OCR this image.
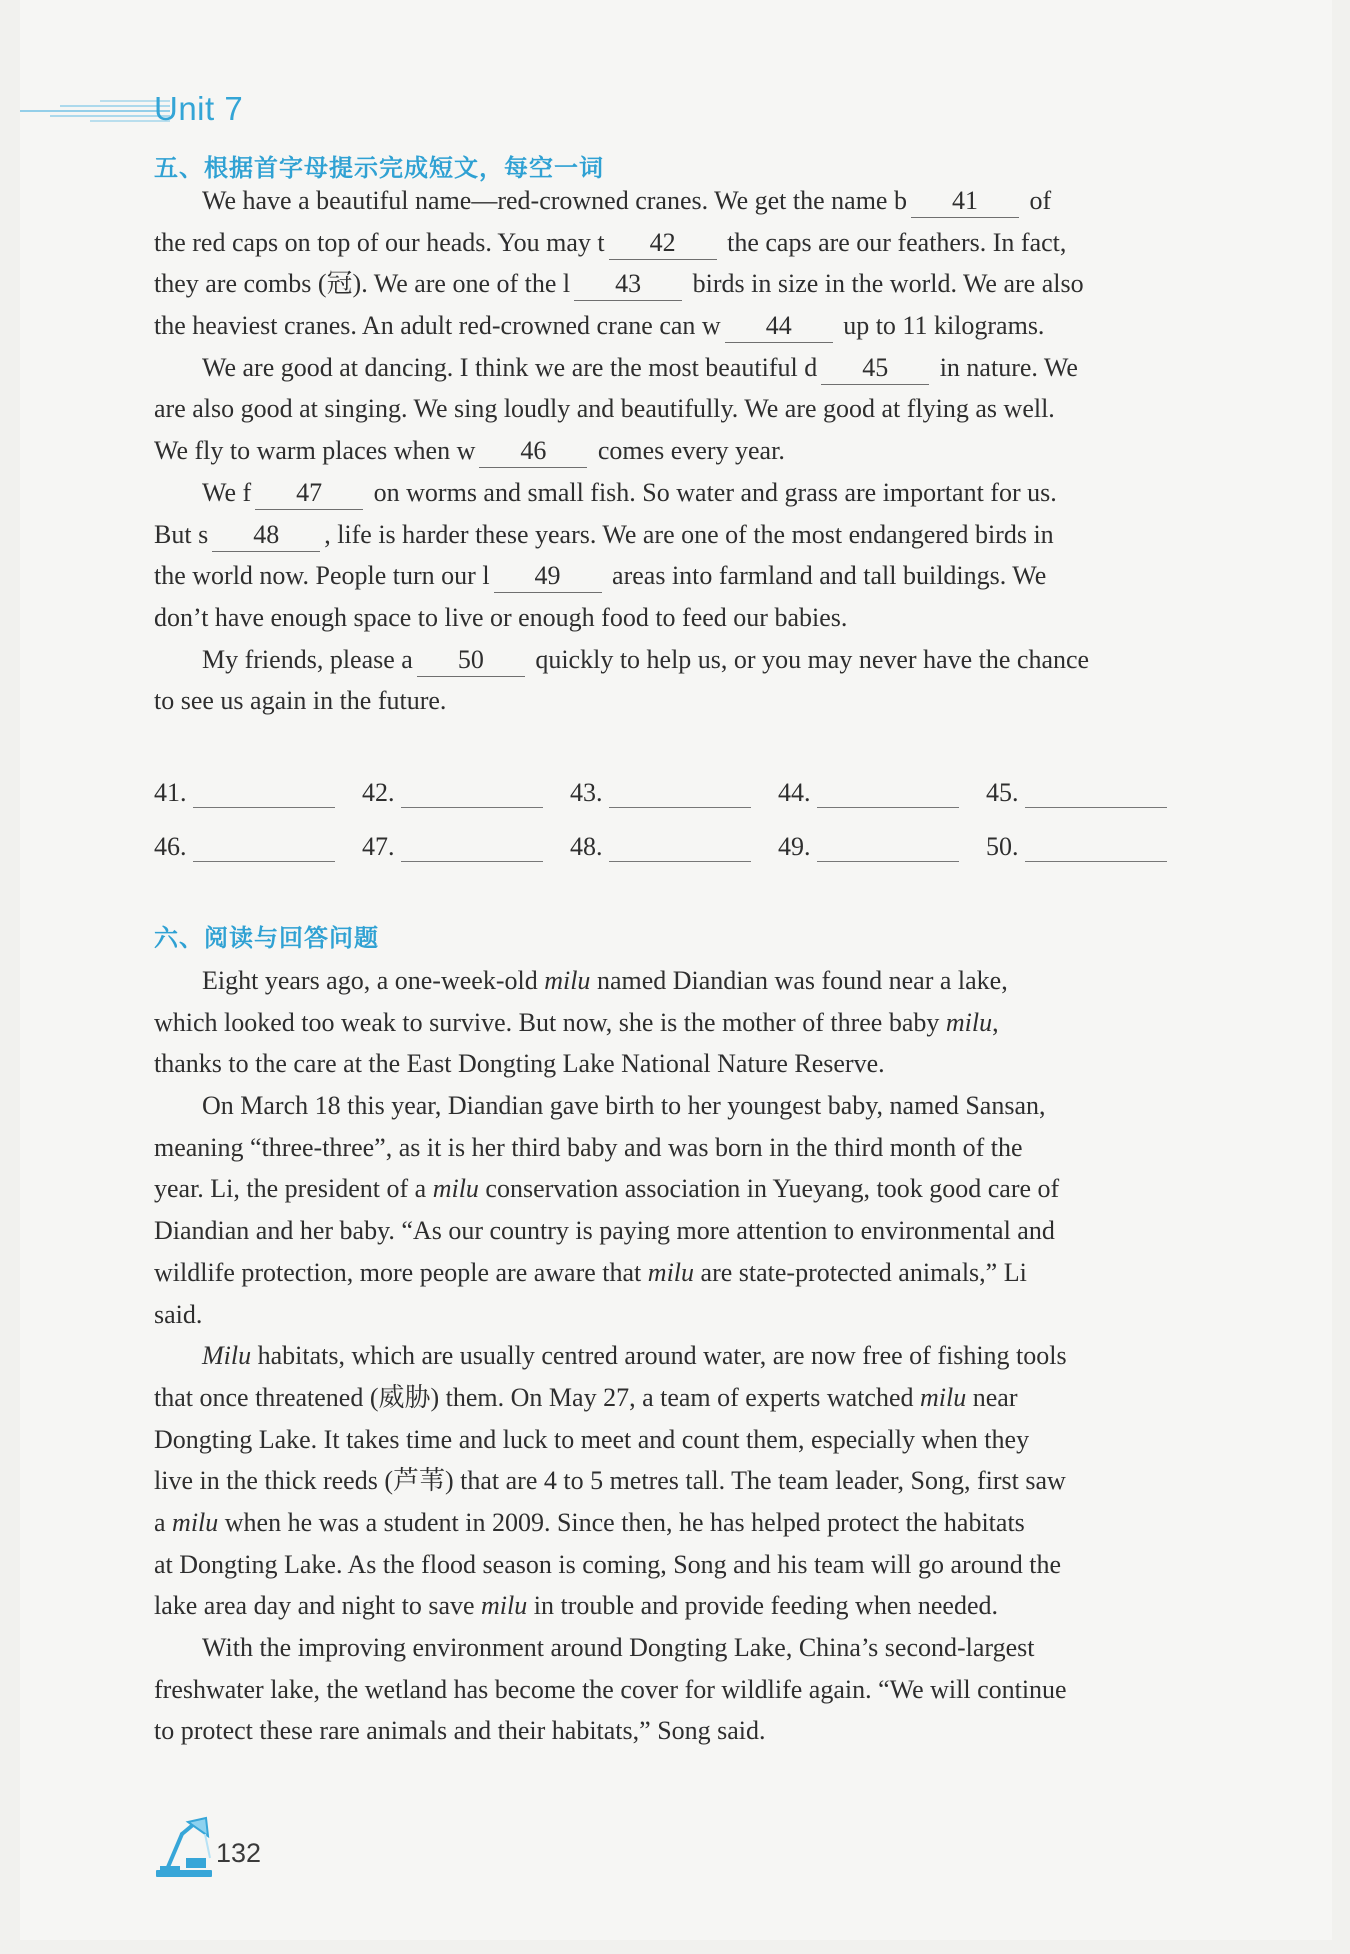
Unit 7
五、根据首字母提示完成短文，每空一词
We have a beautiful name—red-crowned cranes. We get the name b 41 of
the red caps on top of our heads. You may t 42 the caps are our feathers. In fact,
they are combs (冠). We are one of the l 43 birds in size in the world. We are also
the heaviest cranes. An adult red-crowned crane can w 44 up to 11 kilograms.
We are good at dancing. I think we are the most beautiful d 45 in nature. We
are also good at singing. We sing loudly and beautifully. We are good at flying as well.
We fly to warm places when w 46 comes every year.
We f 47 on worms and small fish. So water and grass are important for us.
But s 48 , life is harder these years. We are one of the most endangered birds in
the world now. People turn our l 49 areas into farmland and tall buildings. We
don’t have enough space to live or enough food to feed our babies.
My friends, please a 50 quickly to help us, or you may never have the chance
to see us again in the future.
41.	42.	43.	44.	45.
46.	47.	48.	49.	50.
六、阅读与回答问题
Eight years ago, a one-week-old milu named Diandian was found near a lake,
which looked too weak to survive. But now, she is the mother of three baby milu,
thanks to the care at the East Dongting Lake National Nature Reserve.
On March 18 this year, Diandian gave birth to her youngest baby, named Sansan,
meaning “three-three”, as it is her third baby and was born in the third month of the
year. Li, the president of a milu conservation association in Yueyang, took good care of
Diandian and her baby. “As our country is paying more attention to environmental and
wildlife protection, more people are aware that milu are state-protected animals,” Li
said.
Milu habitats, which are usually centred around water, are now free of fishing tools
that once threatened (威胁) them. On May 27, a team of experts watched milu near
Dongting Lake. It takes time and luck to meet and count them, especially when they
live in the thick reeds (芦苇) that are 4 to 5 metres tall. The team leader, Song, first saw
a milu when he was a student in 2009. Since then, he has helped protect the habitats
at Dongting Lake. As the flood season is coming, Song and his team will go around the
lake area day and night to save milu in trouble and provide feeding when needed.
With the improving environment around Dongting Lake, China’s second-largest
freshwater lake, the wetland has become the cover for wildlife again. “We will continue
to protect these rare animals and their habitats,” Song said.
132
